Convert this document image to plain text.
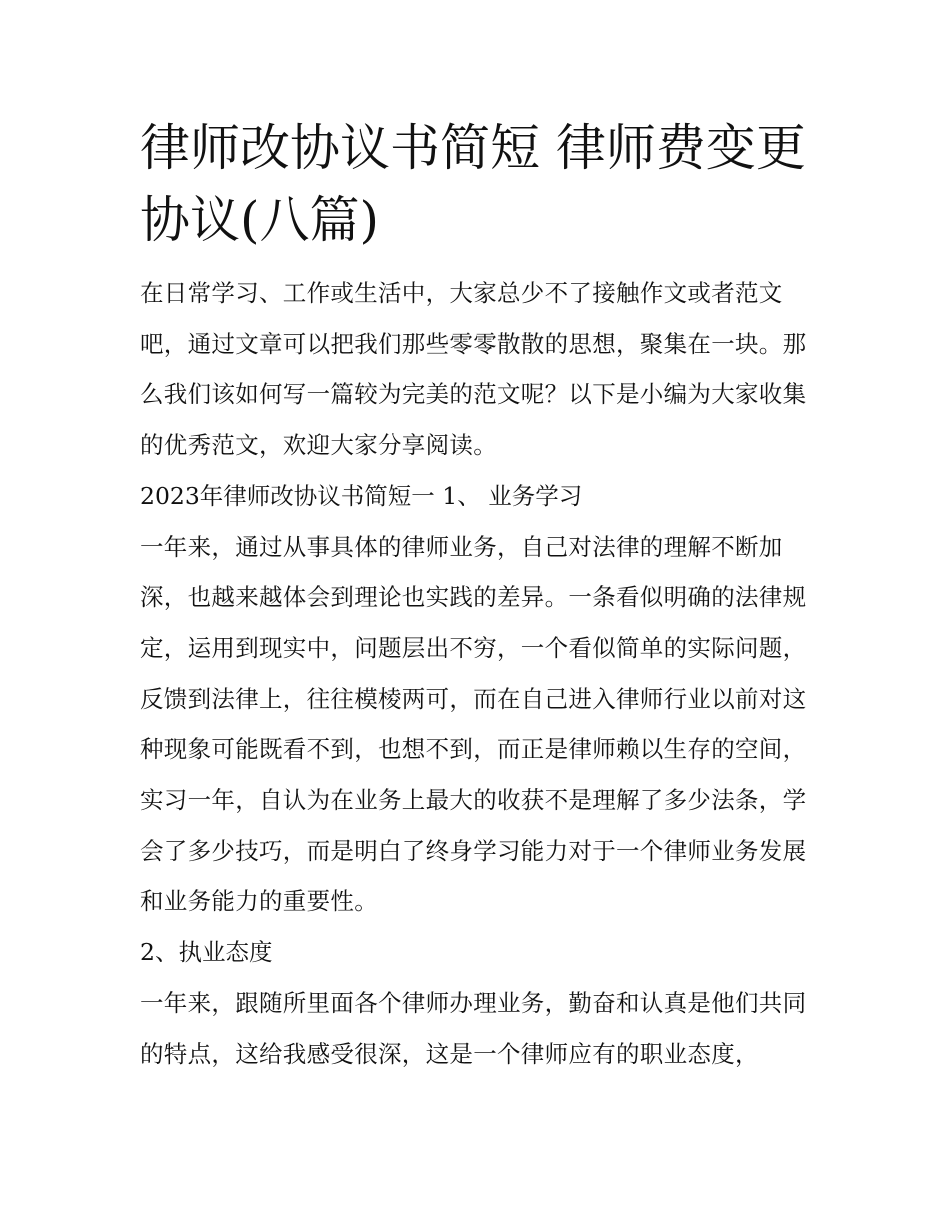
律师改协议书简短 律师费变更协议(八篇)

在日常学习、工作或生活中，大家总少不了接触作文或者范文吧，通过文章可以把我们那些零零散散的思想，聚集在一块。那么我们该如何写一篇较为完美的范文呢？以下是小编为大家收集的优秀范文，欢迎大家分享阅读。

2023年律师改协议书简短一 1、 业务学习

一年来，通过从事具体的律师业务，自己对法律的理解不断加深，也越来越体会到理论也实践的差异。一条看似明确的法律规定，运用到现实中，问题层出不穷，一个看似简单的实际问题，反馈到法律上，往往模棱两可，而在自己进入律师行业以前对这种现象可能既看不到，也想不到，而正是律师赖以生存的空间，实习一年，自认为在业务上最大的收获不是理解了多少法条，学会了多少技巧，而是明白了终身学习能力对于一个律师业务发展和业务能力的重要性。

2、执业态度

一年来，跟随所里面各个律师办理业务，勤奋和认真是他们共同的特点，这给我感受很深，这是一个律师应有的职业态度，
